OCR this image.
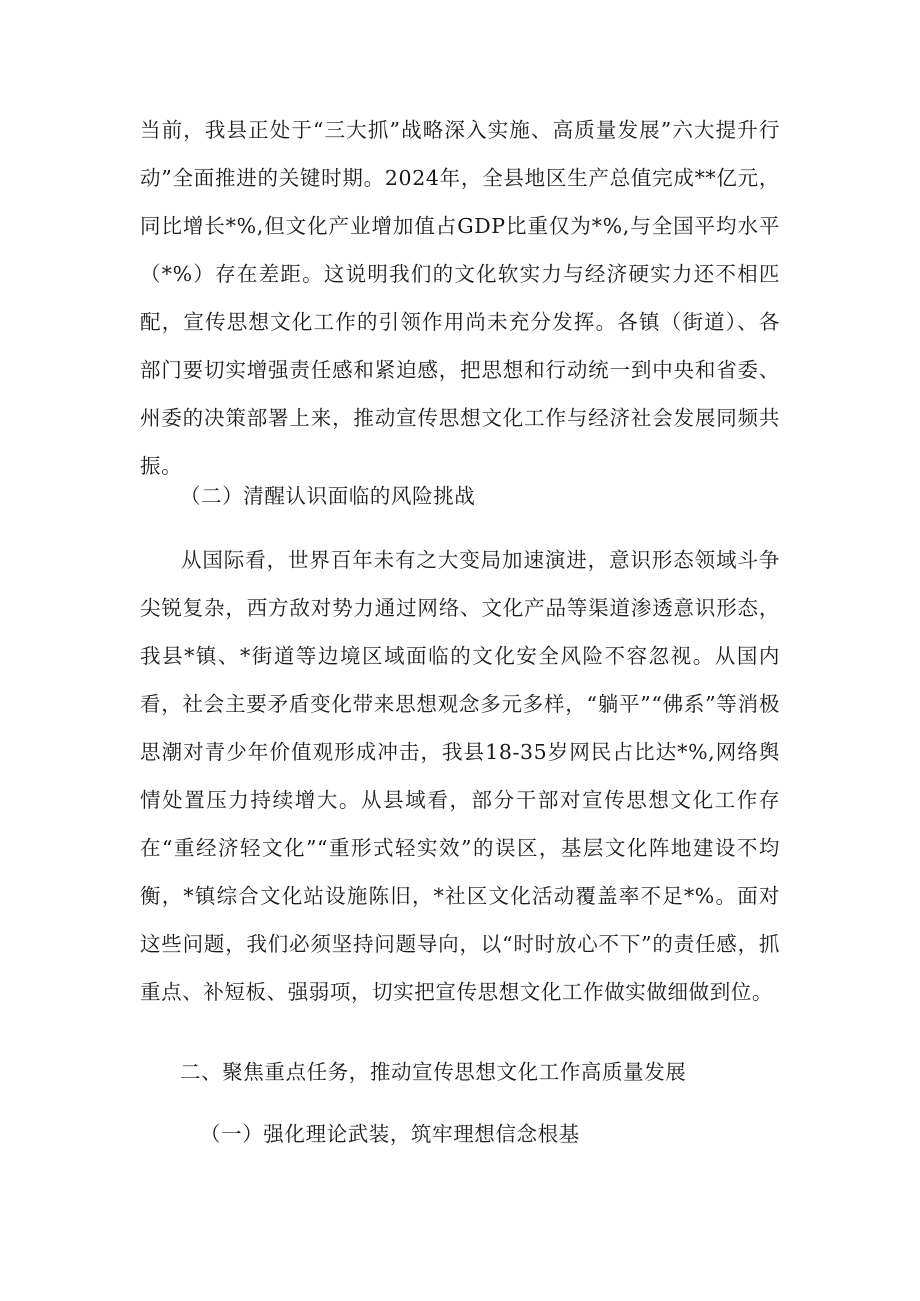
当前，我县正处于“三大抓”战略深入实施、高质量发展”六大提升行动”全面推进的关键时期。2024年，全县地区生产总值完成**亿元，同比增长*%,但文化产业增加值占GDP比重仅为*%,与全国平均水平（*%）存在差距。这说明我们的文化软实力与经济硬实力还不相匹配，宣传思想文化工作的引领作用尚未充分发挥。各镇（街道）、各部门要切实增强责任感和紧迫感，把思想和行动统一到中央和省委、州委的决策部署上来，推动宣传思想文化工作与经济社会发展同频共振。

（二）清醒认识面临的风险挑战

从国际看，世界百年未有之大变局加速演进，意识形态领域斗争尖锐复杂，西方敌对势力通过网络、文化产品等渠道渗透意识形态，我县*镇、*街道等边境区域面临的文化安全风险不容忽视。从国内看，社会主要矛盾变化带来思想观念多元多样，“躺平”“佛系”等消极思潮对青少年价值观形成冲击，我县18-35岁网民占比达*%,网络舆情处置压力持续增大。从县域看，部分干部对宣传思想文化工作存在“重经济轻文化”“重形式轻实效”的误区，基层文化阵地建设不均衡，*镇综合文化站设施陈旧，*社区文化活动覆盖率不足*%。面对这些问题，我们必须坚持问题导向，以“时时放心不下”的责任感，抓重点、补短板、强弱项，切实把宣传思想文化工作做实做细做到位。

二、聚焦重点任务，推动宣传思想文化工作高质量发展

（一）强化理论武装，筑牢理想信念根基
